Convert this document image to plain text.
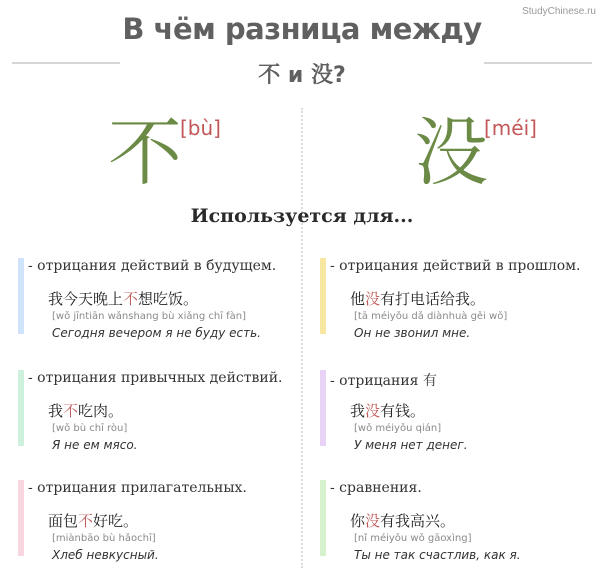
StudyChinese.ru
В чём разница между
不 и 没?
不
[bù]	没
[méi]
Используется для...
- отрицания действий в будущем.
我今天晚上不想吃饭。
[wǒ jīntiān wǎnshang bù xiǎng chī fàn]
Сегодня вечером я не буду есть.
- отрицания привычных действий.
我不吃肉。
[wǒ bù chī ròu]
Я не ем мясо.
- отрицания прилагательных.
面包不好吃。
[miànbāo bù hǎochī]
Хлеб невкусный.
- отрицания действий в прошлом.
他没有打电话给我。
[tā méiyǒu dǎ diànhuà gěi wǒ]
Он не звонил мне.
- отрицания 有
我没有钱。
[wǒ méiyǒu qián]
У меня нет денег.
- сравнения.
你没有我高兴。
[nǐ méiyǒu wǒ gāoxìng]
Ты не так счастлив, как я.
